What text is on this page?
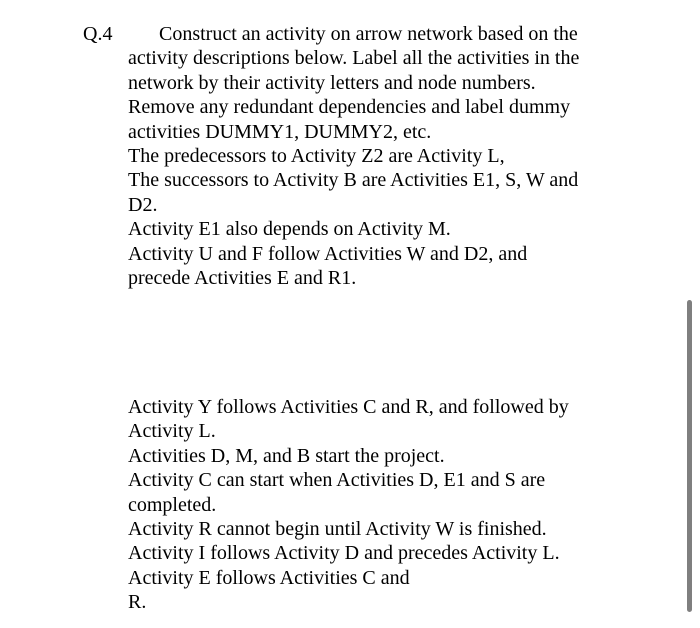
Q.4	Construct an activity on arrow network based on the
activity descriptions below. Label all the activities in the
network by their activity letters and node numbers.
Remove any redundant dependencies and label dummy
activities DUMMY1, DUMMY2, etc.
The predecessors to Activity Z2 are Activity L,
The successors to Activity B are Activities E1, S, W and
D2.
Activity E1 also depends on Activity M.
Activity U and F follow Activities W and D2, and
precede Activities E and R1.
Activity Y follows Activities C and R, and followed by
Activity L.
Activities D, M, and B start the project.
Activity C can start when Activities D, E1 and S are
completed.
Activity R cannot begin until Activity W is finished.
Activity I follows Activity D and precedes Activity L.
Activity E follows Activities C and
R.
